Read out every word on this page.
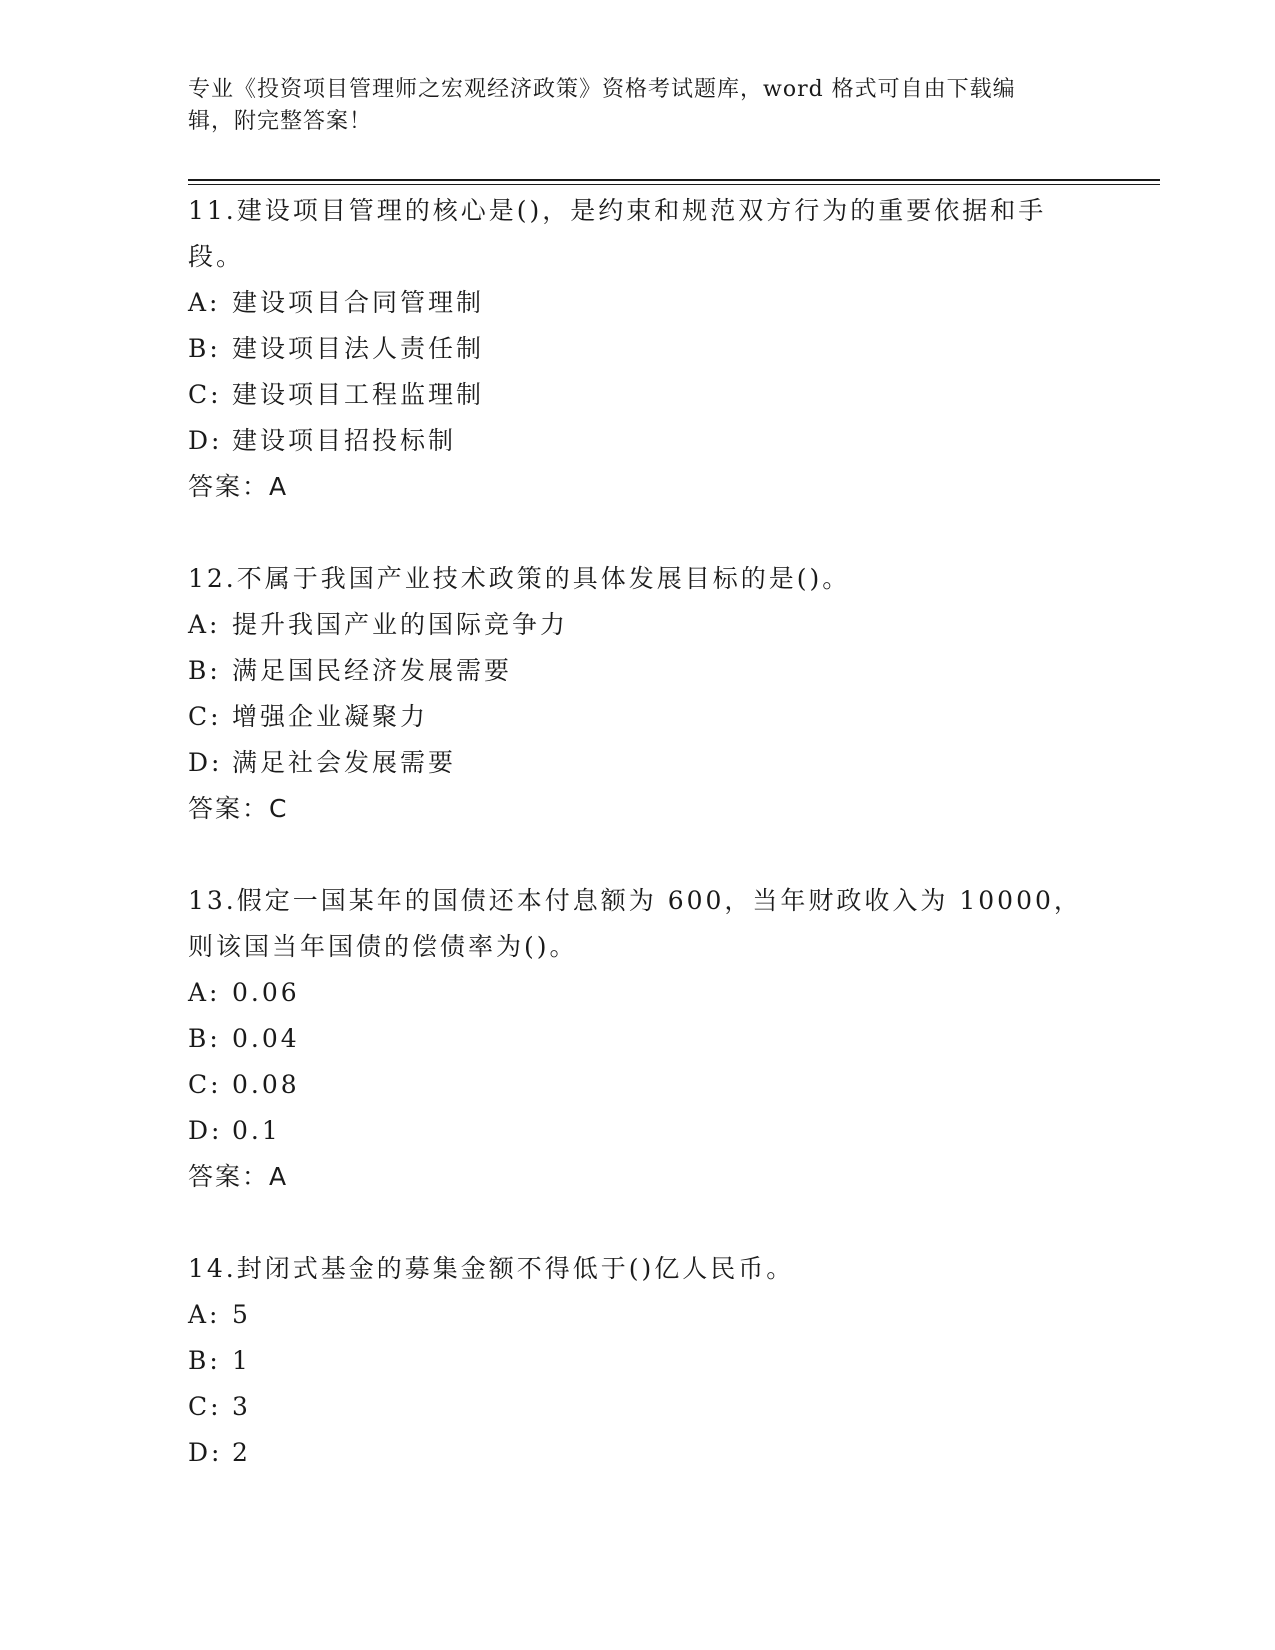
专业《投资项目管理师之宏观经济政策》资格考试题库，word 格式可自由下载编
辑，附完整答案！

11.建设项目管理的核心是()，是约束和规范双方行为的重要依据和手段。

A: 建设项目合同管理制

B: 建设项目法人责任制

C: 建设项目工程监理制

D: 建设项目招投标制

答案：A

12.不属于我国产业技术政策的具体发展目标的是()。

A: 提升我国产业的国际竞争力

B: 满足国民经济发展需要

C: 增强企业凝聚力

D: 满足社会发展需要

答案：C

13.假定一国某年的国债还本付息额为 600，当年财政收入为 10000，则该国当年国债的偿债率为()。

A: 0.06

B: 0.04

C: 0.08

D: 0.1

答案：A

14.封闭式基金的募集金额不得低于()亿人民币。

A: 5

B: 1

C: 3

D: 2
